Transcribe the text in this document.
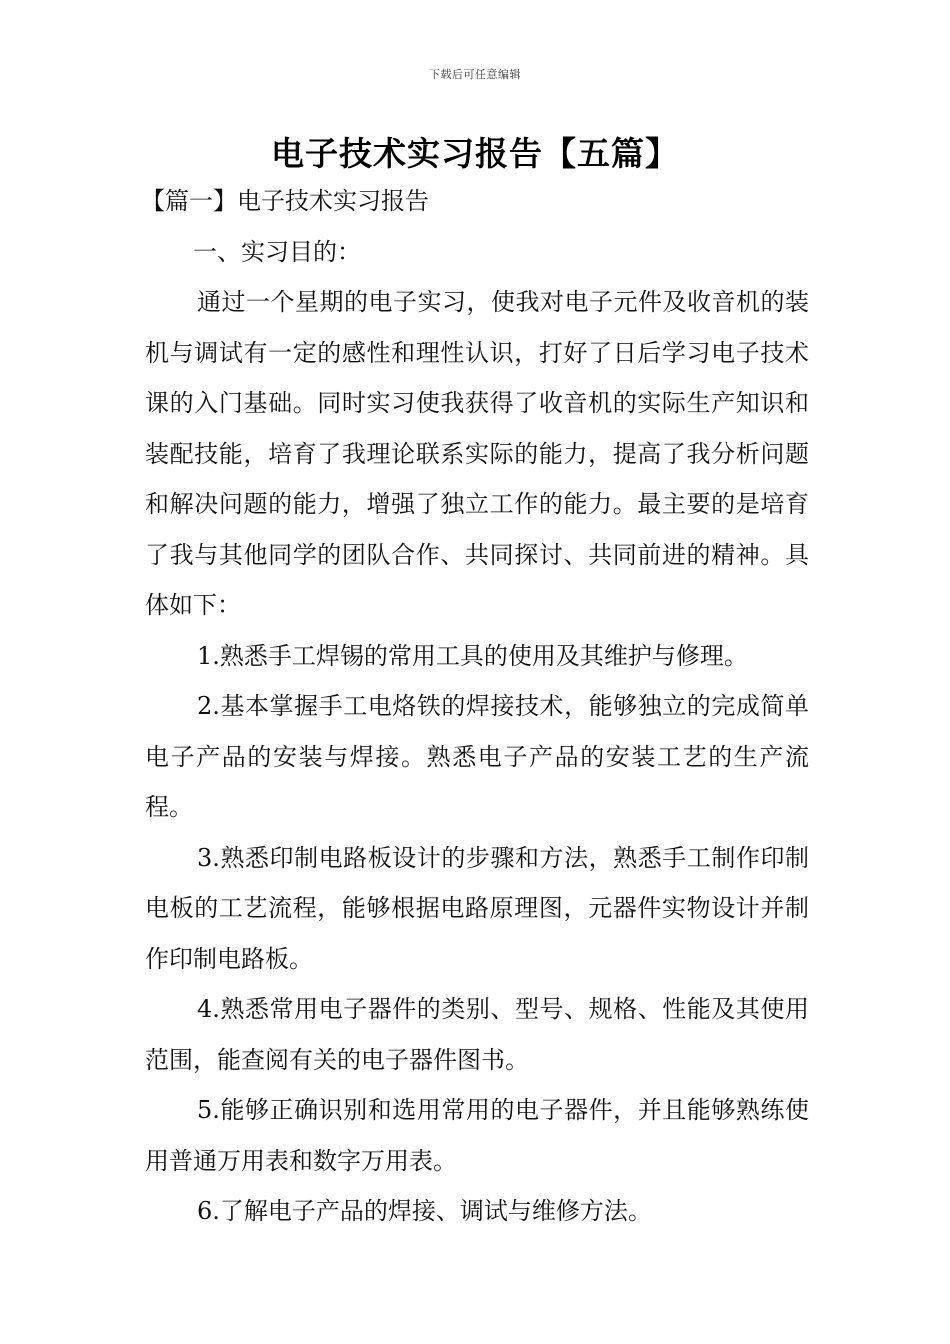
下载后可任意编辑
电子技术实习报告【五篇】

【篇一】电子技术实习报告

一、实习目的：

通过一个星期的电子实习，使我对电子元件及收音机的装机与调试有一定的感性和理性认识，打好了日后学习电子技术课的入门基础。同时实习使我获得了收音机的实际生产知识和装配技能，培育了我理论联系实际的能力，提高了我分析问题和解决问题的能力，增强了独立工作的能力。最主要的是培育了我与其他同学的团队合作、共同探讨、共同前进的精神。具体如下：

1.熟悉手工焊锡的常用工具的使用及其维护与修理。

2.基本掌握手工电烙铁的焊接技术，能够独立的完成简单电子产品的安装与焊接。熟悉电子产品的安装工艺的生产流程。

3.熟悉印制电路板设计的步骤和方法，熟悉手工制作印制电板的工艺流程，能够根据电路原理图，元器件实物设计并制作印制电路板。

4.熟悉常用电子器件的类别、型号、规格、性能及其使用范围，能查阅有关的电子器件图书。

5.能够正确识别和选用常用的电子器件，并且能够熟练使用普通万用表和数字万用表。

6.了解电子产品的焊接、调试与维修方法。
